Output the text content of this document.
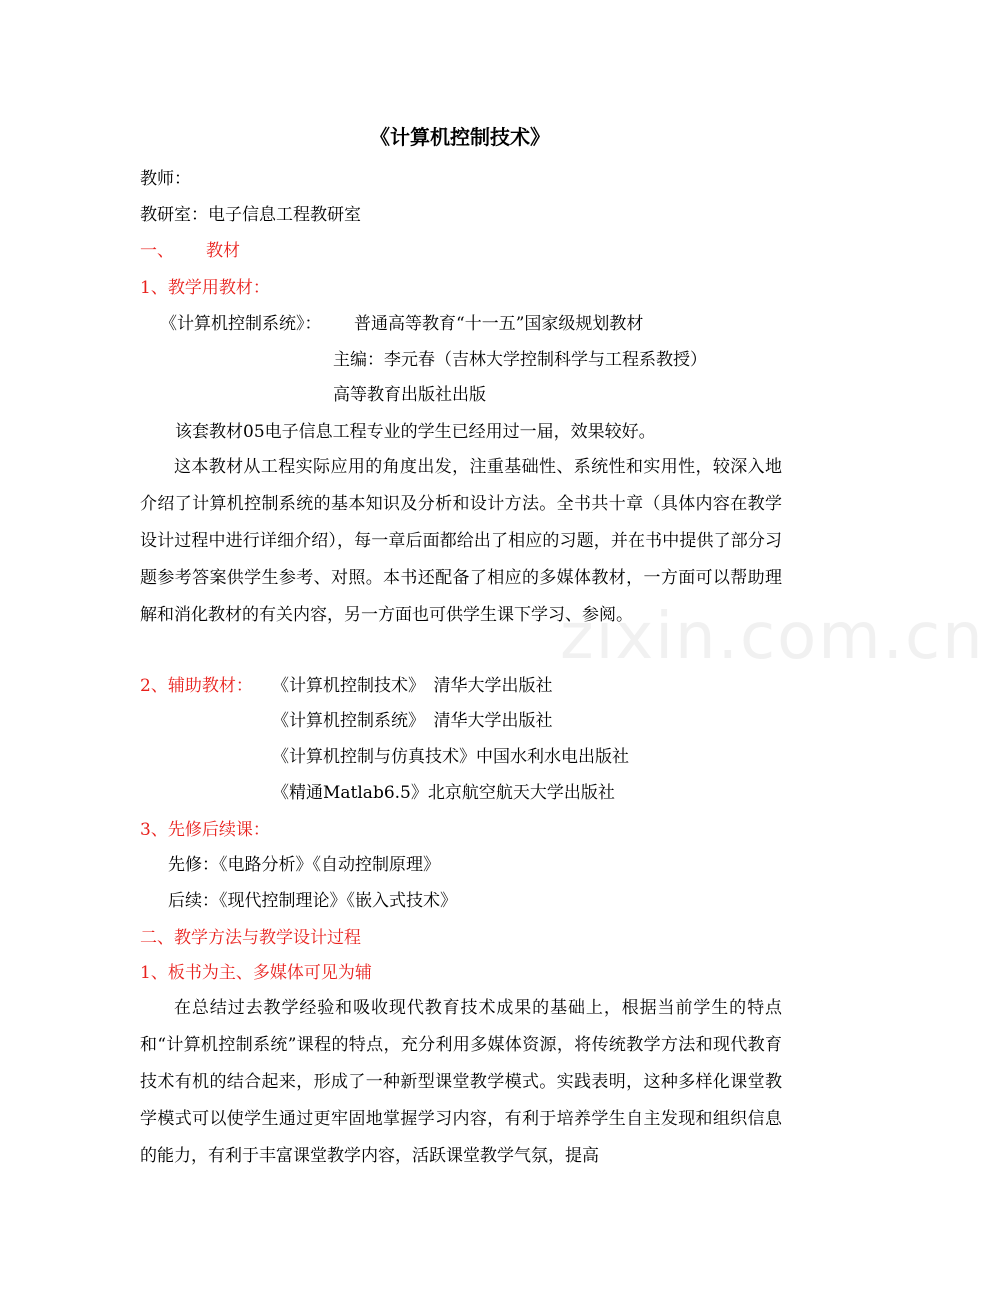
zixin.com.cn
《计算机控制技术》
教师：
教研室：电子信息工程教研室
一、 教材
1、教学用教材：
《计算机控制系统》： 普通高等教育“十一五”国家级规划教材
主编：李元春（吉林大学控制科学与工程系教授）
高等教育出版社出版
该套教材05电子信息工程专业的学生已经用过一届，效果较好。

这本教材从工程实际应用的角度出发，注重基础性、系统性和实用性，较深入地介绍了计算机控制系统的基本知识及分析和设计方法。全书共十章（具体内容在教学设计过程中进行详细介绍），每一章后面都给出了相应的习题，并在书中提供了部分习题参考答案供学生参考、对照。本书还配备了相应的多媒体教材，一方面可以帮助理解和消化教材的有关内容，另一方面也可供学生课下学习、参阅。

2、辅助教材： 《计算机控制技术》　清华大学出版社
《计算机控制系统》　清华大学出版社
《计算机控制与仿真技术》中国水利水电出版社
《精通Matlab6.5》北京航空航天大学出版社
3、先修后续课：
先修：《电路分析》《自动控制原理》
后续：《现代控制理论》《嵌入式技术》
二、教学方法与教学设计过程
1、板书为主、多媒体可见为辅

在总结过去教学经验和吸收现代教育技术成果的基础上，根据当前学生的特点和“计算机控制系统”课程的特点，充分利用多媒体资源，将传统教学方法和现代教育技术有机的结合起来，形成了一种新型课堂教学模式。实践表明，这种多样化课堂教学模式可以使学生通过更牢固地掌握学习内容，有利于培养学生自主发现和组织信息的能力，有利于丰富课堂教学内容，活跃课堂教学气氛，提高
